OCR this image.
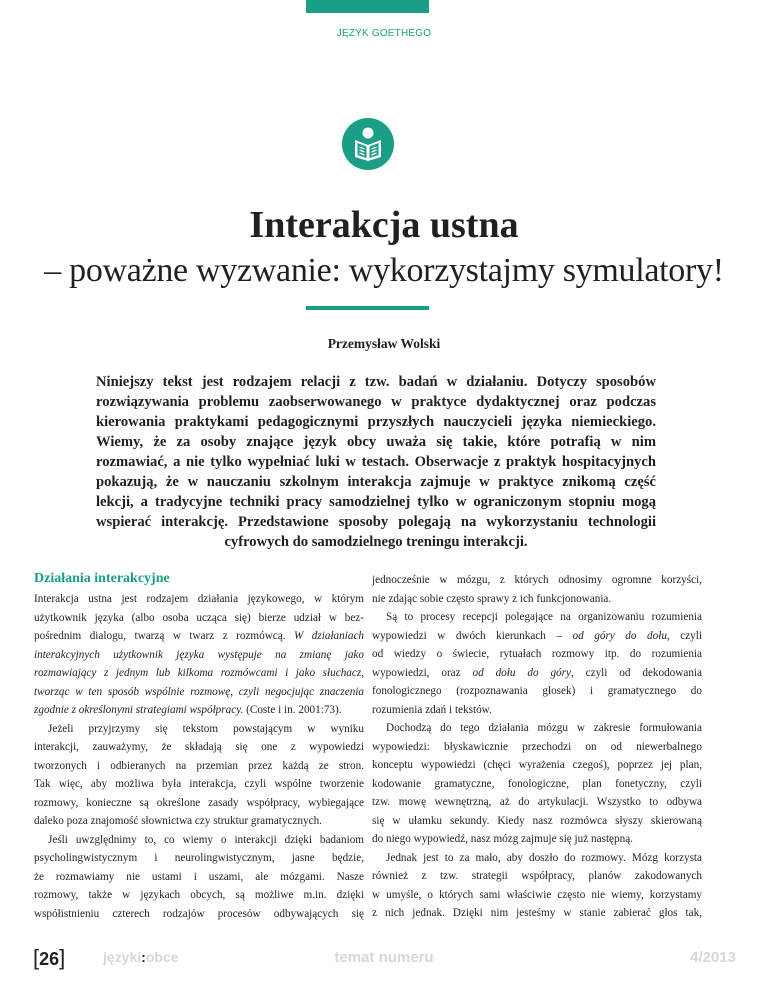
JĘZYK GOETHEGO
Interakcja ustna
– poważne wyzwanie: wykorzystajmy symulatory!
Przemysław Wolski
Niniejszy tekst jest rodzajem relacji z tzw. badań w działaniu. Dotyczy sposobów
rozwiązywania problemu zaobserwowanego w praktyce dydaktycznej oraz podczas
kierowania praktykami pedagogicznymi przyszłych nauczycieli języka niemieckiego.
Wiemy, że za osoby znające język obcy uważa się takie, które potrafią w nim
rozmawiać, a nie tylko wypełniać luki w testach. Obserwacje z praktyk hospitacyjnych
pokazują, że w nauczaniu szkolnym interakcja zajmuje w praktyce znikomą część
lekcji, a tradycyjne techniki pracy samodzielnej tylko w ograniczonym stopniu mogą
wspierać interakcję. Przedstawione sposoby polegają na wykorzystaniu technologii
cyfrowych do samodzielnego treningu interakcji.
Działania interakcyjne
Interakcja ustna jest rodzajem działania językowego, w którym
użytkownik języka (albo osoba ucząca się) bierze udział w bez-
pośrednim dialogu, twarzą w twarz z rozmówcą. W działaniach
interakcyjnych użytkownik języka występuje na zmianę jako
rozmawiający z jednym lub kilkoma rozmówcami i jako słuchacz,
tworząc w ten sposób wspólnie rozmowę, czyli negocjując znaczenia
zgodnie z określonymi strategiami współpracy. (Coste i in. 2001:73).
Jeżeli przyjrzymy się tekstom powstającym w wyniku
interakcji, zauważymy, że składają się one z wypowiedzi
tworzonych i odbieranych na przemian przez każdą ze stron.
Tak więc, aby możliwa była interakcja, czyli wspólne tworzenie
rozmowy, konieczne są określone zasady współpracy, wybiegające
daleko poza znajomość słownictwa czy struktur gramatycznych.
Jeśli uwzględnimy to, co wiemy o interakcji dzięki badaniom
psycholingwistycznym i neurolingwistycznym, jasne będzie,
że rozmawiamy nie ustami i uszami, ale mózgami. Nasze
rozmowy, także w językach obcych, są możliwe m.in. dzięki
współistnieniu czterech rodzajów procesów odbywających się
jednocześnie w mózgu, z których odnosimy ogromne korzyści,
nie zdając sobie często sprawy z ich funkcjonowania.
Są to procesy recepcji polegające na organizowaniu rozumienia
wypowiedzi w dwóch kierunkach – od góry do dołu, czyli
od wiedzy o świecie, rytuałach rozmowy itp. do rozumienia
wypowiedzi, oraz od dołu do góry, czyli od dekodowania
fonologicznego (rozpoznawania głosek) i gramatycznego do
rozumienia zdań i tekstów.
Dochodzą do tego działania mózgu w zakresie formułowania
wypowiedzi: błyskawicznie przechodzi on od niewerbalnego
konceptu wypowiedzi (chęci wyrażenia czegoś), poprzez jej plan,
kodowanie gramatyczne, fonologiczne, plan fonetyczny, czyli
tzw. mowę wewnętrzną, aż do artykulacji. Wszystko to odbywa
się w ułamku sekundy. Kiedy nasz rozmówca słyszy skierowaną
do niego wypowiedź, nasz mózg zajmuje się już następną.
Jednak jest to za mało, aby doszło do rozmowy. Mózg korzysta
również z tzw. strategii współpracy, planów zakodowanych
w umyśle, o których sami właściwie często nie wiemy, korzystamy
z nich jednak. Dzięki nim jesteśmy w stanie zabierać głos tak,
[26]	języki:obce	temat numeru	4/2013
